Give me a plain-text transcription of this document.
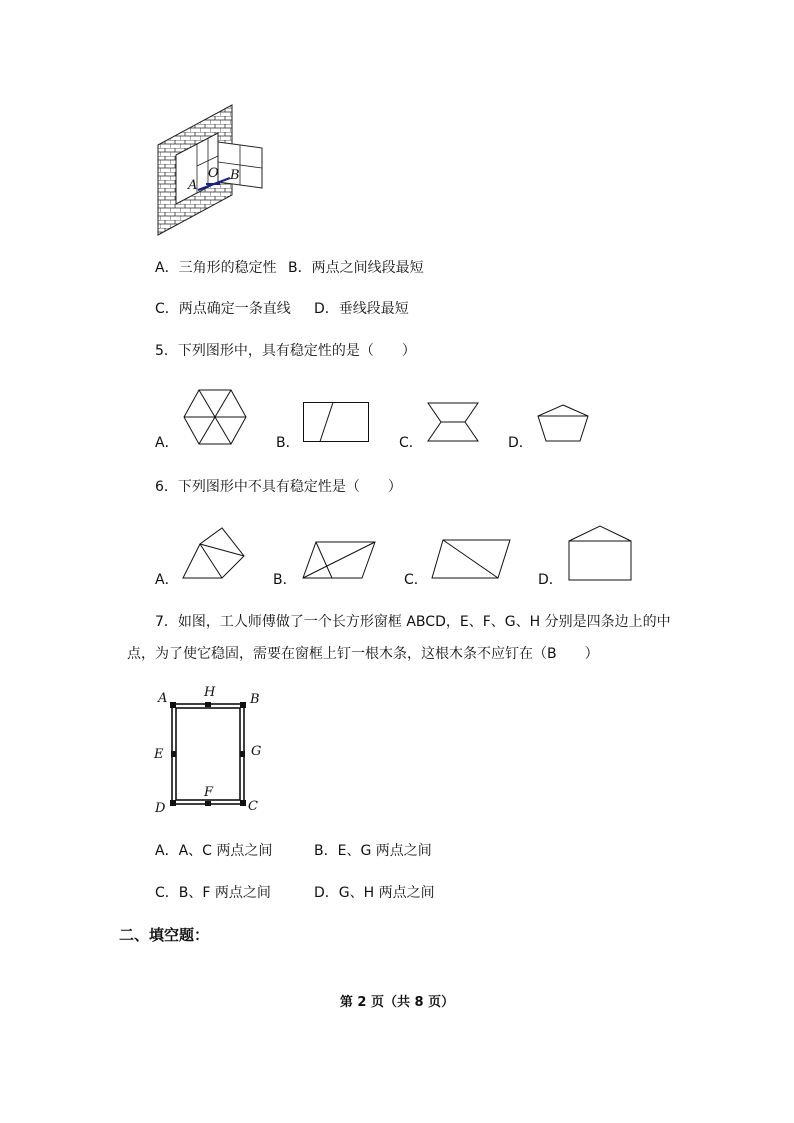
A
O B
A．三角形的稳定性 B．两点之间线段最短
C．两点确定一条直线 D．垂线段最短
5．下列图形中，具有稳定性的是（　　）
A．	B．	C．	D．
6．下列图形中不具有稳定性是（　　）
A．	B．	C．	D．
7．如图，工人师傅做了一个长方形窗框 ABCD，E、F、G、H 分别是四条边上的中
点，为了使它稳固，需要在窗框上钉一根木条，这根木条不应钉在（B　　）
A	H	B
E	G
F
D	C
A．A、C 两点之间	B．E、G 两点之间
C．B、F 两点之间	D．G、H 两点之间
二、填空题：
第 2 页（共 8 页）
